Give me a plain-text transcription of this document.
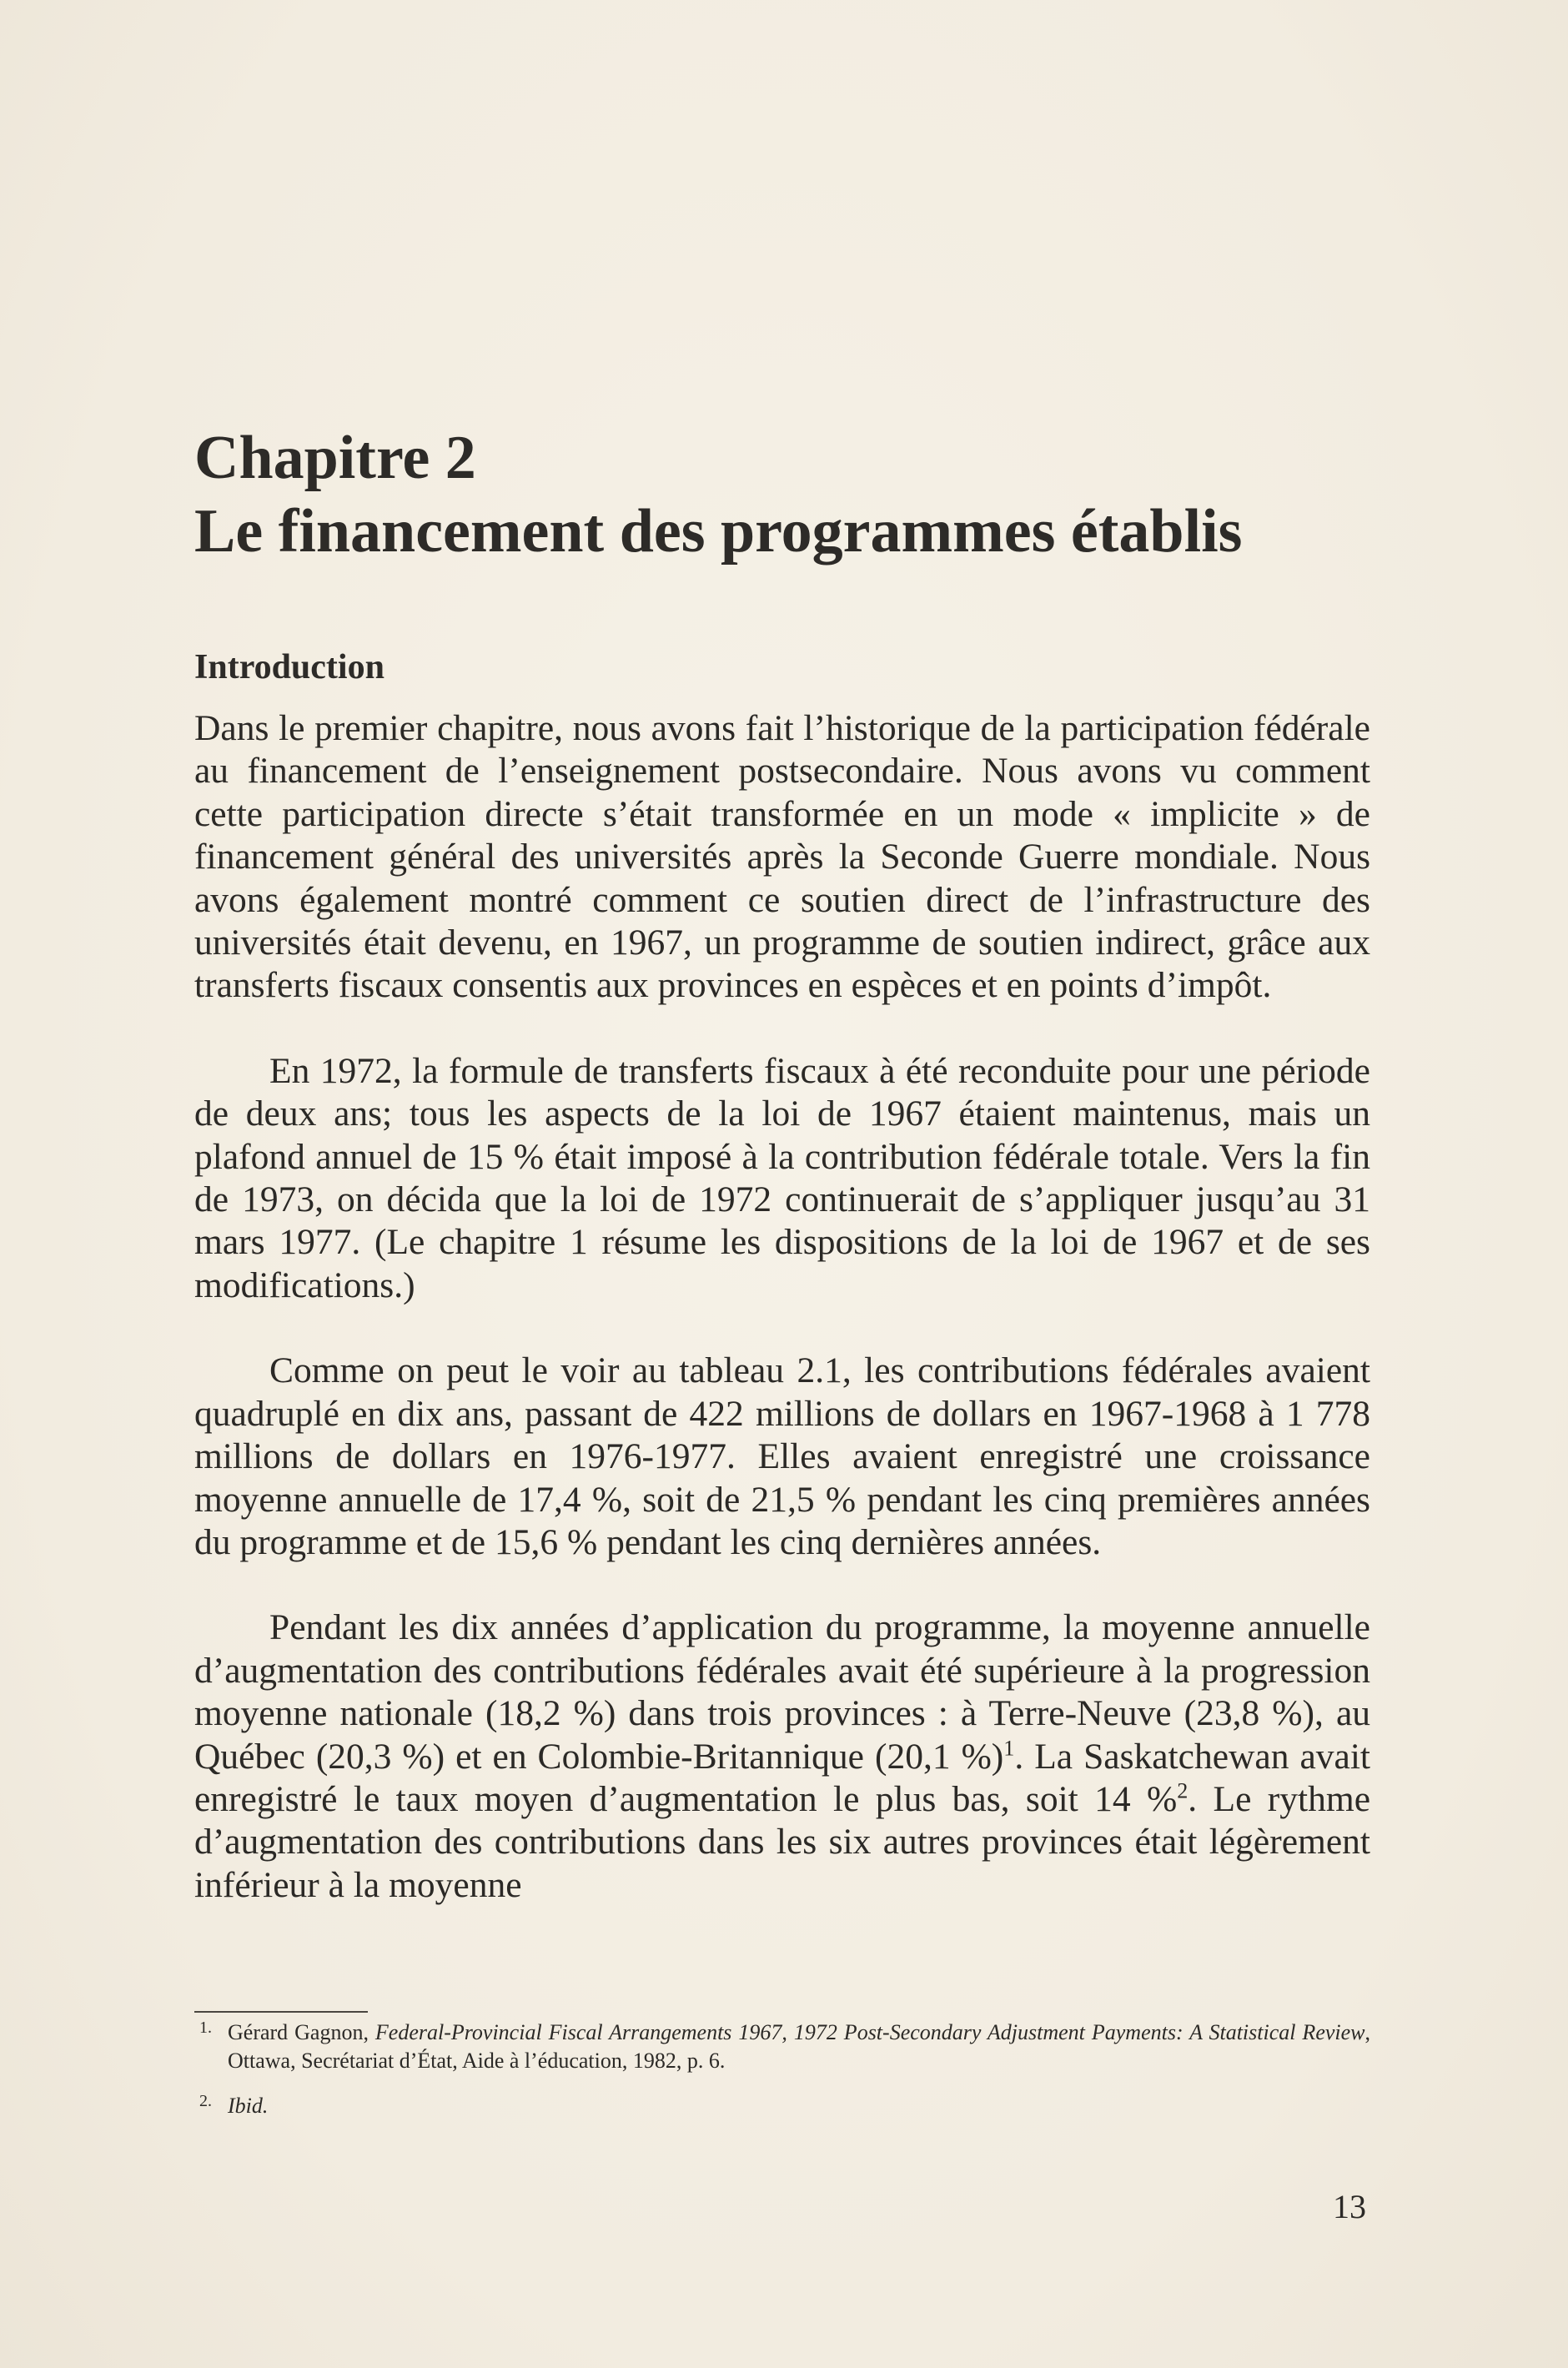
Chapitre 2
Le financement des programmes établis
Introduction

Dans le premier chapitre, nous avons fait l’historique de la participation fédérale au financement de l’enseignement postsecondaire. Nous avons vu comment cette participation directe s’était transformée en un mode « implicite » de financement général des universités après la Seconde Guerre mondiale. Nous avons également montré comment ce soutien direct de l’infrastructure des universités était devenu, en 1967, un programme de soutien indirect, grâce aux transferts fiscaux consentis aux provinces en espèces et en points d’impôt.

En 1972, la formule de transferts fiscaux à été reconduite pour une période de deux ans; tous les aspects de la loi de 1967 étaient maintenus, mais un plafond annuel de 15 % était imposé à la contribution fédérale totale. Vers la fin de 1973, on décida que la loi de 1972 continuerait de s’appliquer jusqu’au 31 mars 1977. (Le chapitre 1 résume les dispositions de la loi de 1967 et de ses modifications.)

Comme on peut le voir au tableau 2.1, les contributions fédérales avaient quadruplé en dix ans, passant de 422 millions de dollars en 1967-1968 à 1 778 millions de dollars en 1976-1977. Elles avaient enregistré une croissance moyenne annuelle de 17,4 %, soit de 21,5 % pendant les cinq premières années du programme et de 15,6 % pendant les cinq dernières années.

Pendant les dix années d’application du programme, la moyenne annuelle d’augmentation des contributions fédérales avait été supérieure à la progression moyenne nationale (18,2 %) dans trois provinces : à Terre-Neuve (23,8 %), au Québec (20,3 %) et en Colombie-Britannique (20,1 %)$^1$. La Saskatchewan avait enregistré le taux moyen d’augmentation le plus bas, soit 14 %$^2$. Le rythme d’augmentation des contributions dans les six autres provinces était légèrement inférieur à la moyenne

1. Gérard Gagnon, Federal-Provincial Fiscal Arrangements 1967, 1972 Post-Secondary Adjustment Payments: A Statistical Review, Ottawa, Secrétariat d’État, Aide à l’éducation, 1982, p. 6.
2. Ibid.
13
